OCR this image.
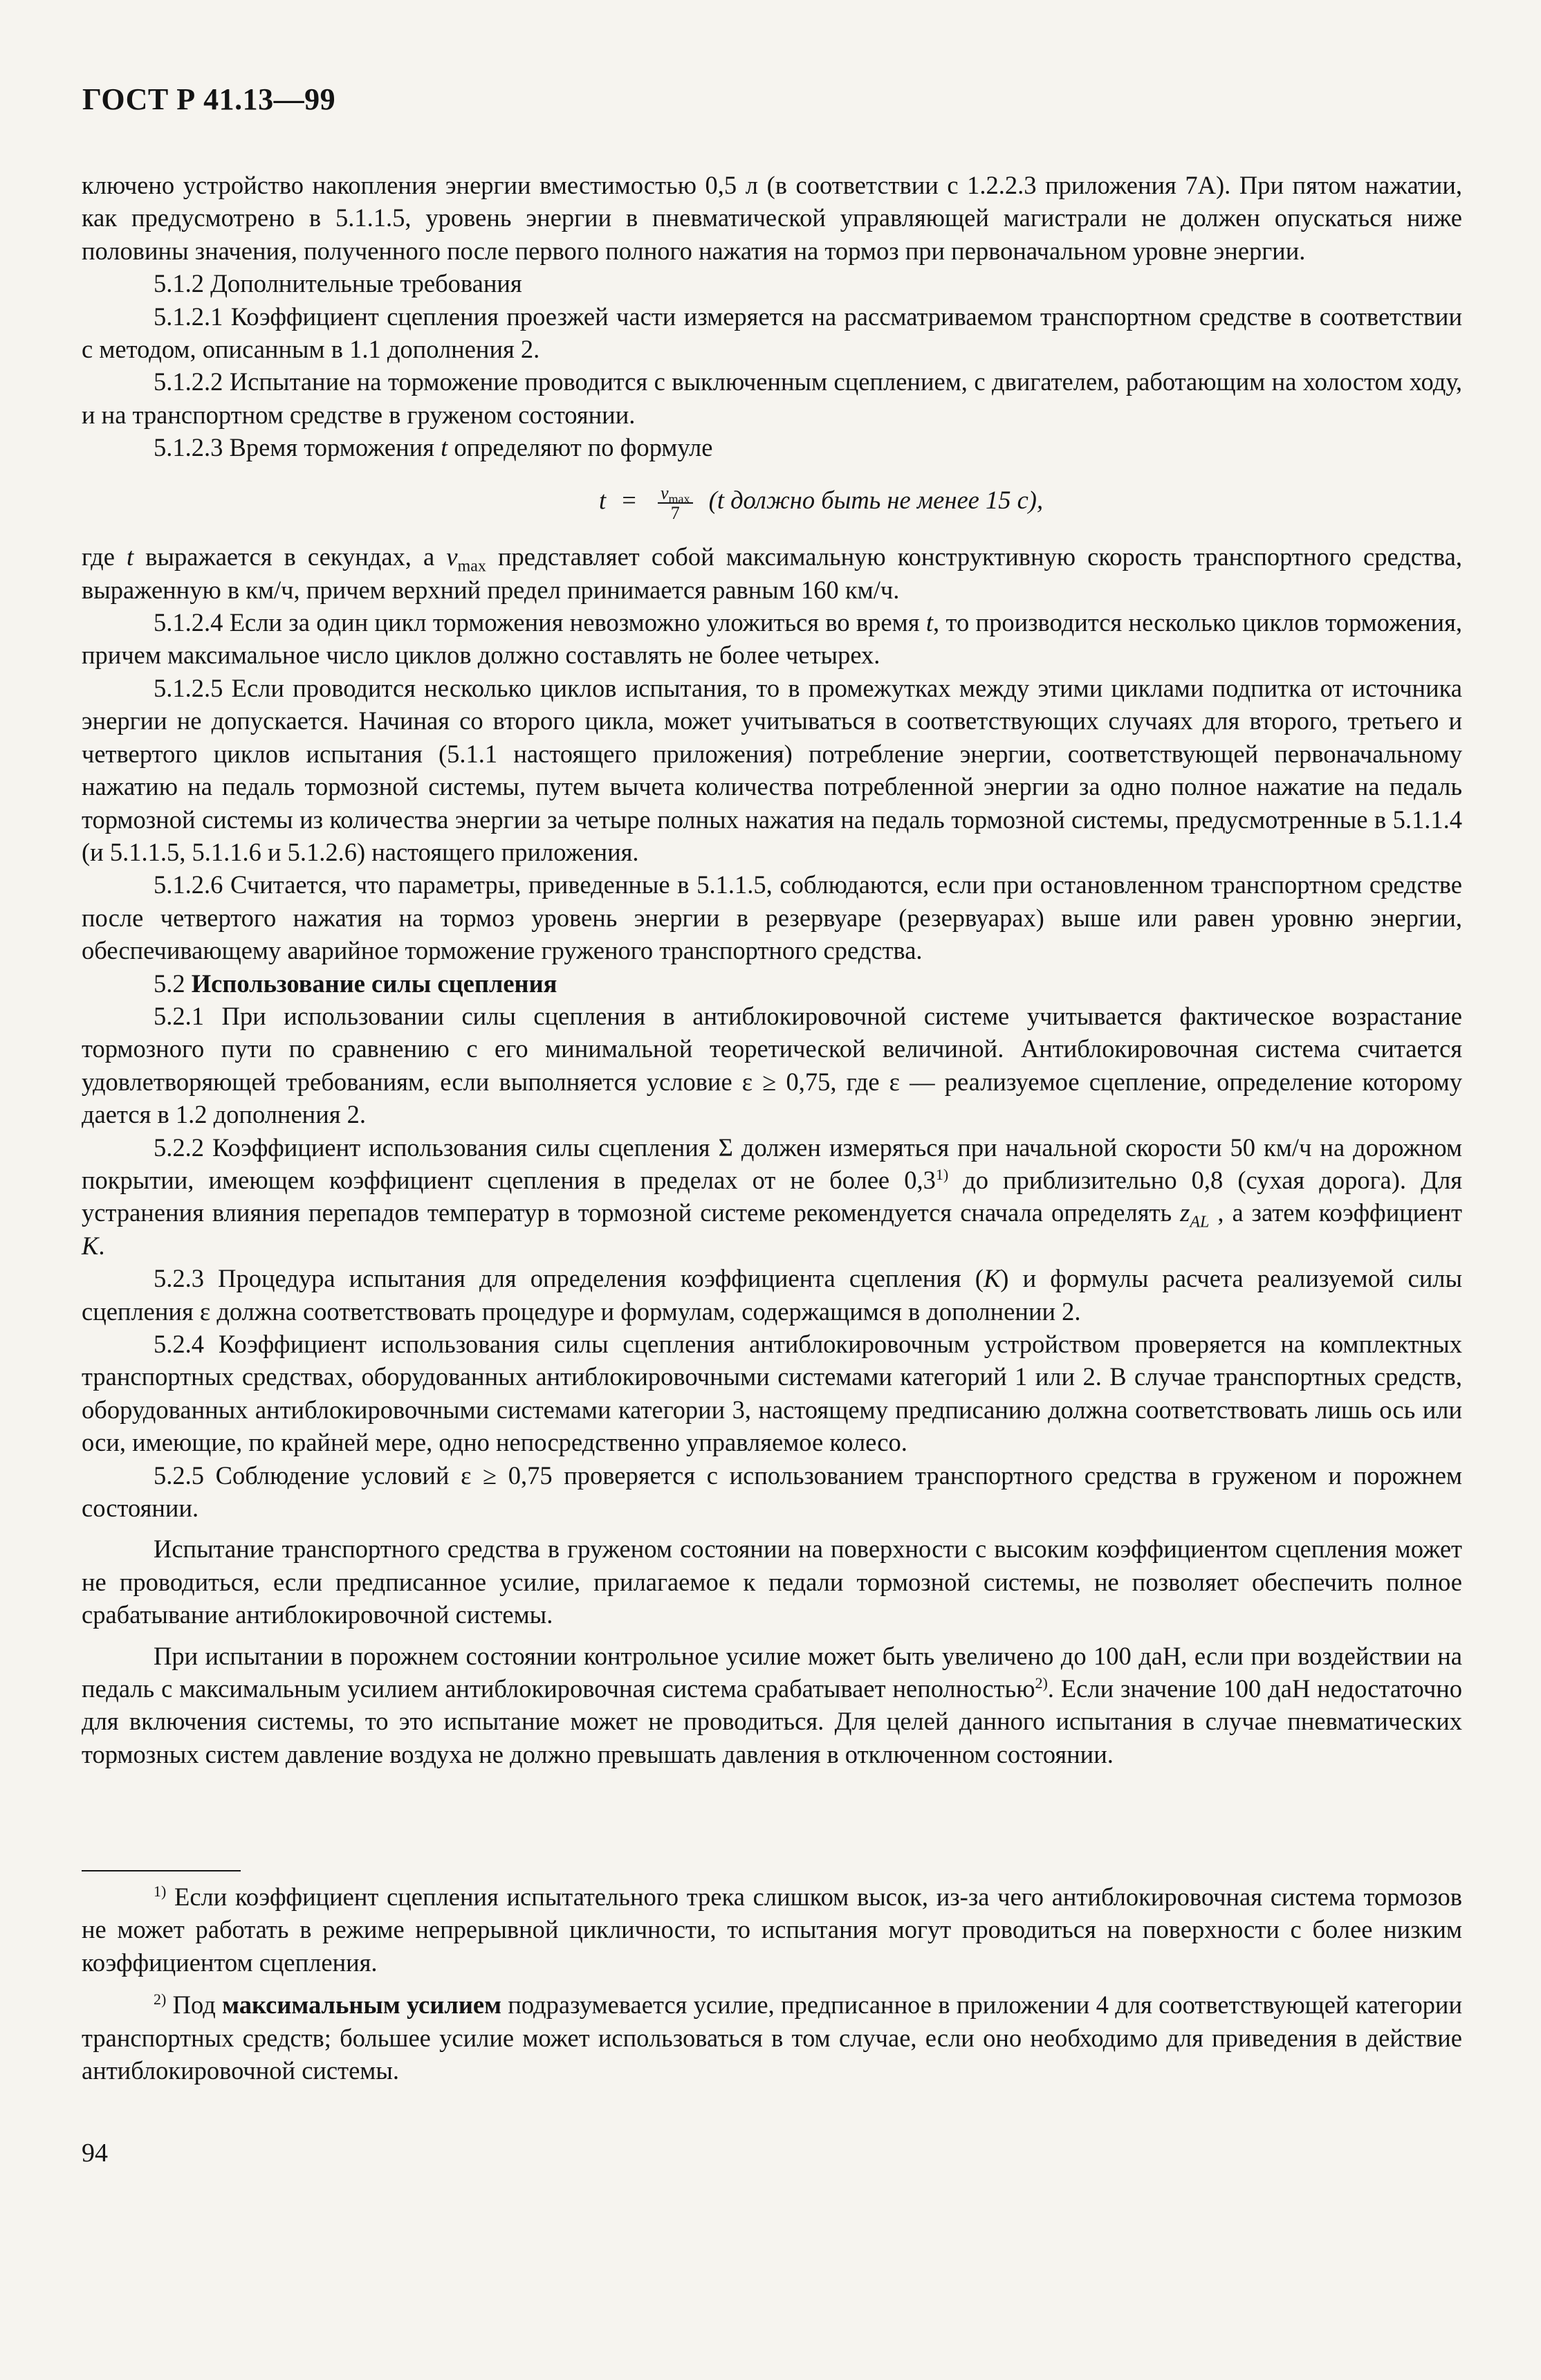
ГОСТ Р 41.13—99

ключено устройство накопления энергии вместимостью 0,5 л (в соответствии с 1.2.2.3 приложения 7А). При пятом нажатии, как предусмотрено в 5.1.1.5, уровень энергии в пневматической управляющей магистрали не должен опускаться ниже половины значения, полученного после первого полного нажатия на тормоз при первоначальном уровне энергии.

5.1.2 Дополнительные требования

5.1.2.1 Коэффициент сцепления проезжей части измеряется на рассматриваемом транспортном средстве в соответствии с методом, описанным в 1.1 дополнения 2.

5.1.2.2 Испытание на торможение проводится с выключенным сцеплением, с двигателем, работающим на холостом ходу, и на транспортном средстве в груженом состоянии.

5.1.2.3 Время торможения t определяют по формуле

$t = \frac{v_{max}}{7} (t$ должно быть не менее 15 с),

где t выражается в секундах, а $v_{max}$ представляет собой максимальную конструктивную скорость транспортного средства, выраженную в км/ч, причем верхний предел принимается равным 160 км/ч.

5.1.2.4 Если за один цикл торможения невозможно уложиться во время t, то производится несколько циклов торможения, причем максимальное число циклов должно составлять не более четырех.

5.1.2.5 Если проводится несколько циклов испытания, то в промежутках между этими циклами подпитка от источника энергии не допускается. Начиная со второго цикла, может учитываться в соответствующих случаях для второго, третьего и четвертого циклов испытания (5.1.1 настоящего приложения) потребление энергии, соответствующей первоначальному нажатию на педаль тормозной системы, путем вычета количества потребленной энергии за одно полное нажатие на педаль тормозной системы из количества энергии за четыре полных нажатия на педаль тормозной системы, предусмотренные в 5.1.1.4 (и 5.1.1.5, 5.1.1.6 и 5.1.2.6) настоящего приложения.

5.1.2.6 Считается, что параметры, приведенные в 5.1.1.5, соблюдаются, если при остановленном транспортном средстве после четвертого нажатия на тормоз уровень энергии в резервуаре (резервуарах) выше или равен уровню энергии, обеспечивающему аварийное торможение груженого транспортного средства.

5.2 Использование силы сцепления

5.2.1 При использовании силы сцепления в антиблокировочной системе учитывается фактическое возрастание тормозного пути по сравнению с его минимальной теоретической величиной. Антиблокировочная система считается удовлетворяющей требованиям, если выполняется условие ε ≥ 0,75, где ε — реализуемое сцепление, определение которому дается в 1.2 дополнения 2.

5.2.2 Коэффициент использования силы сцепления Σ должен измеряться при начальной скорости 50 км/ч на дорожном покрытии, имеющем коэффициент сцепления в пределах от не более 0,3$^{1)}$ до приблизительно 0,8 (сухая дорога). Для устранения влияния перепадов температур в тормозной системе рекомендуется сначала определять $z_{AL}$ , а затем коэффициент K.

5.2.3 Процедура испытания для определения коэффициента сцепления (K) и формулы расчета реализуемой силы сцепления ε должна соответствовать процедуре и формулам, содержащимся в дополнении 2.

5.2.4 Коэффициент использования силы сцепления антиблокировочным устройством проверяется на комплектных транспортных средствах, оборудованных антиблокировочными системами категорий 1 или 2. В случае транспортных средств, оборудованных антиблокировочными системами категории 3, настоящему предписанию должна соответствовать лишь ось или оси, имеющие, по крайней мере, одно непосредственно управляемое колесо.

5.2.5 Соблюдение условий ε ≥ 0,75 проверяется с использованием транспортного средства в груженом и порожнем состоянии.

Испытание транспортного средства в груженом состоянии на поверхности с высоким коэффициентом сцепления может не проводиться, если предписанное усилие, прилагаемое к педали тормозной системы, не позволяет обеспечить полное срабатывание антиблокировочной системы.

При испытании в порожнем состоянии контрольное усилие может быть увеличено до 100 даН, если при воздействии на педаль с максимальным усилием антиблокировочная система срабатывает неполностью$^{2)}$. Если значение 100 даН недостаточно для включения системы, то это испытание может не проводиться. Для целей данного испытания в случае пневматических тормозных систем давление воздуха не должно превышать давления в отключенном состоянии.

$^{1)}$ Если коэффициент сцепления испытательного трека слишком высок, из-за чего антиблокировочная система тормозов не может работать в режиме непрерывной цикличности, то испытания могут проводиться на поверхности с более низким коэффициентом сцепления.

$^{2)}$ Под максимальным усилием подразумевается усилие, предписанное в приложении 4 для соответствующей категории транспортных средств; большее усилие может использоваться в том случае, если оно необходимо для приведения в действие антиблокировочной системы.

94
